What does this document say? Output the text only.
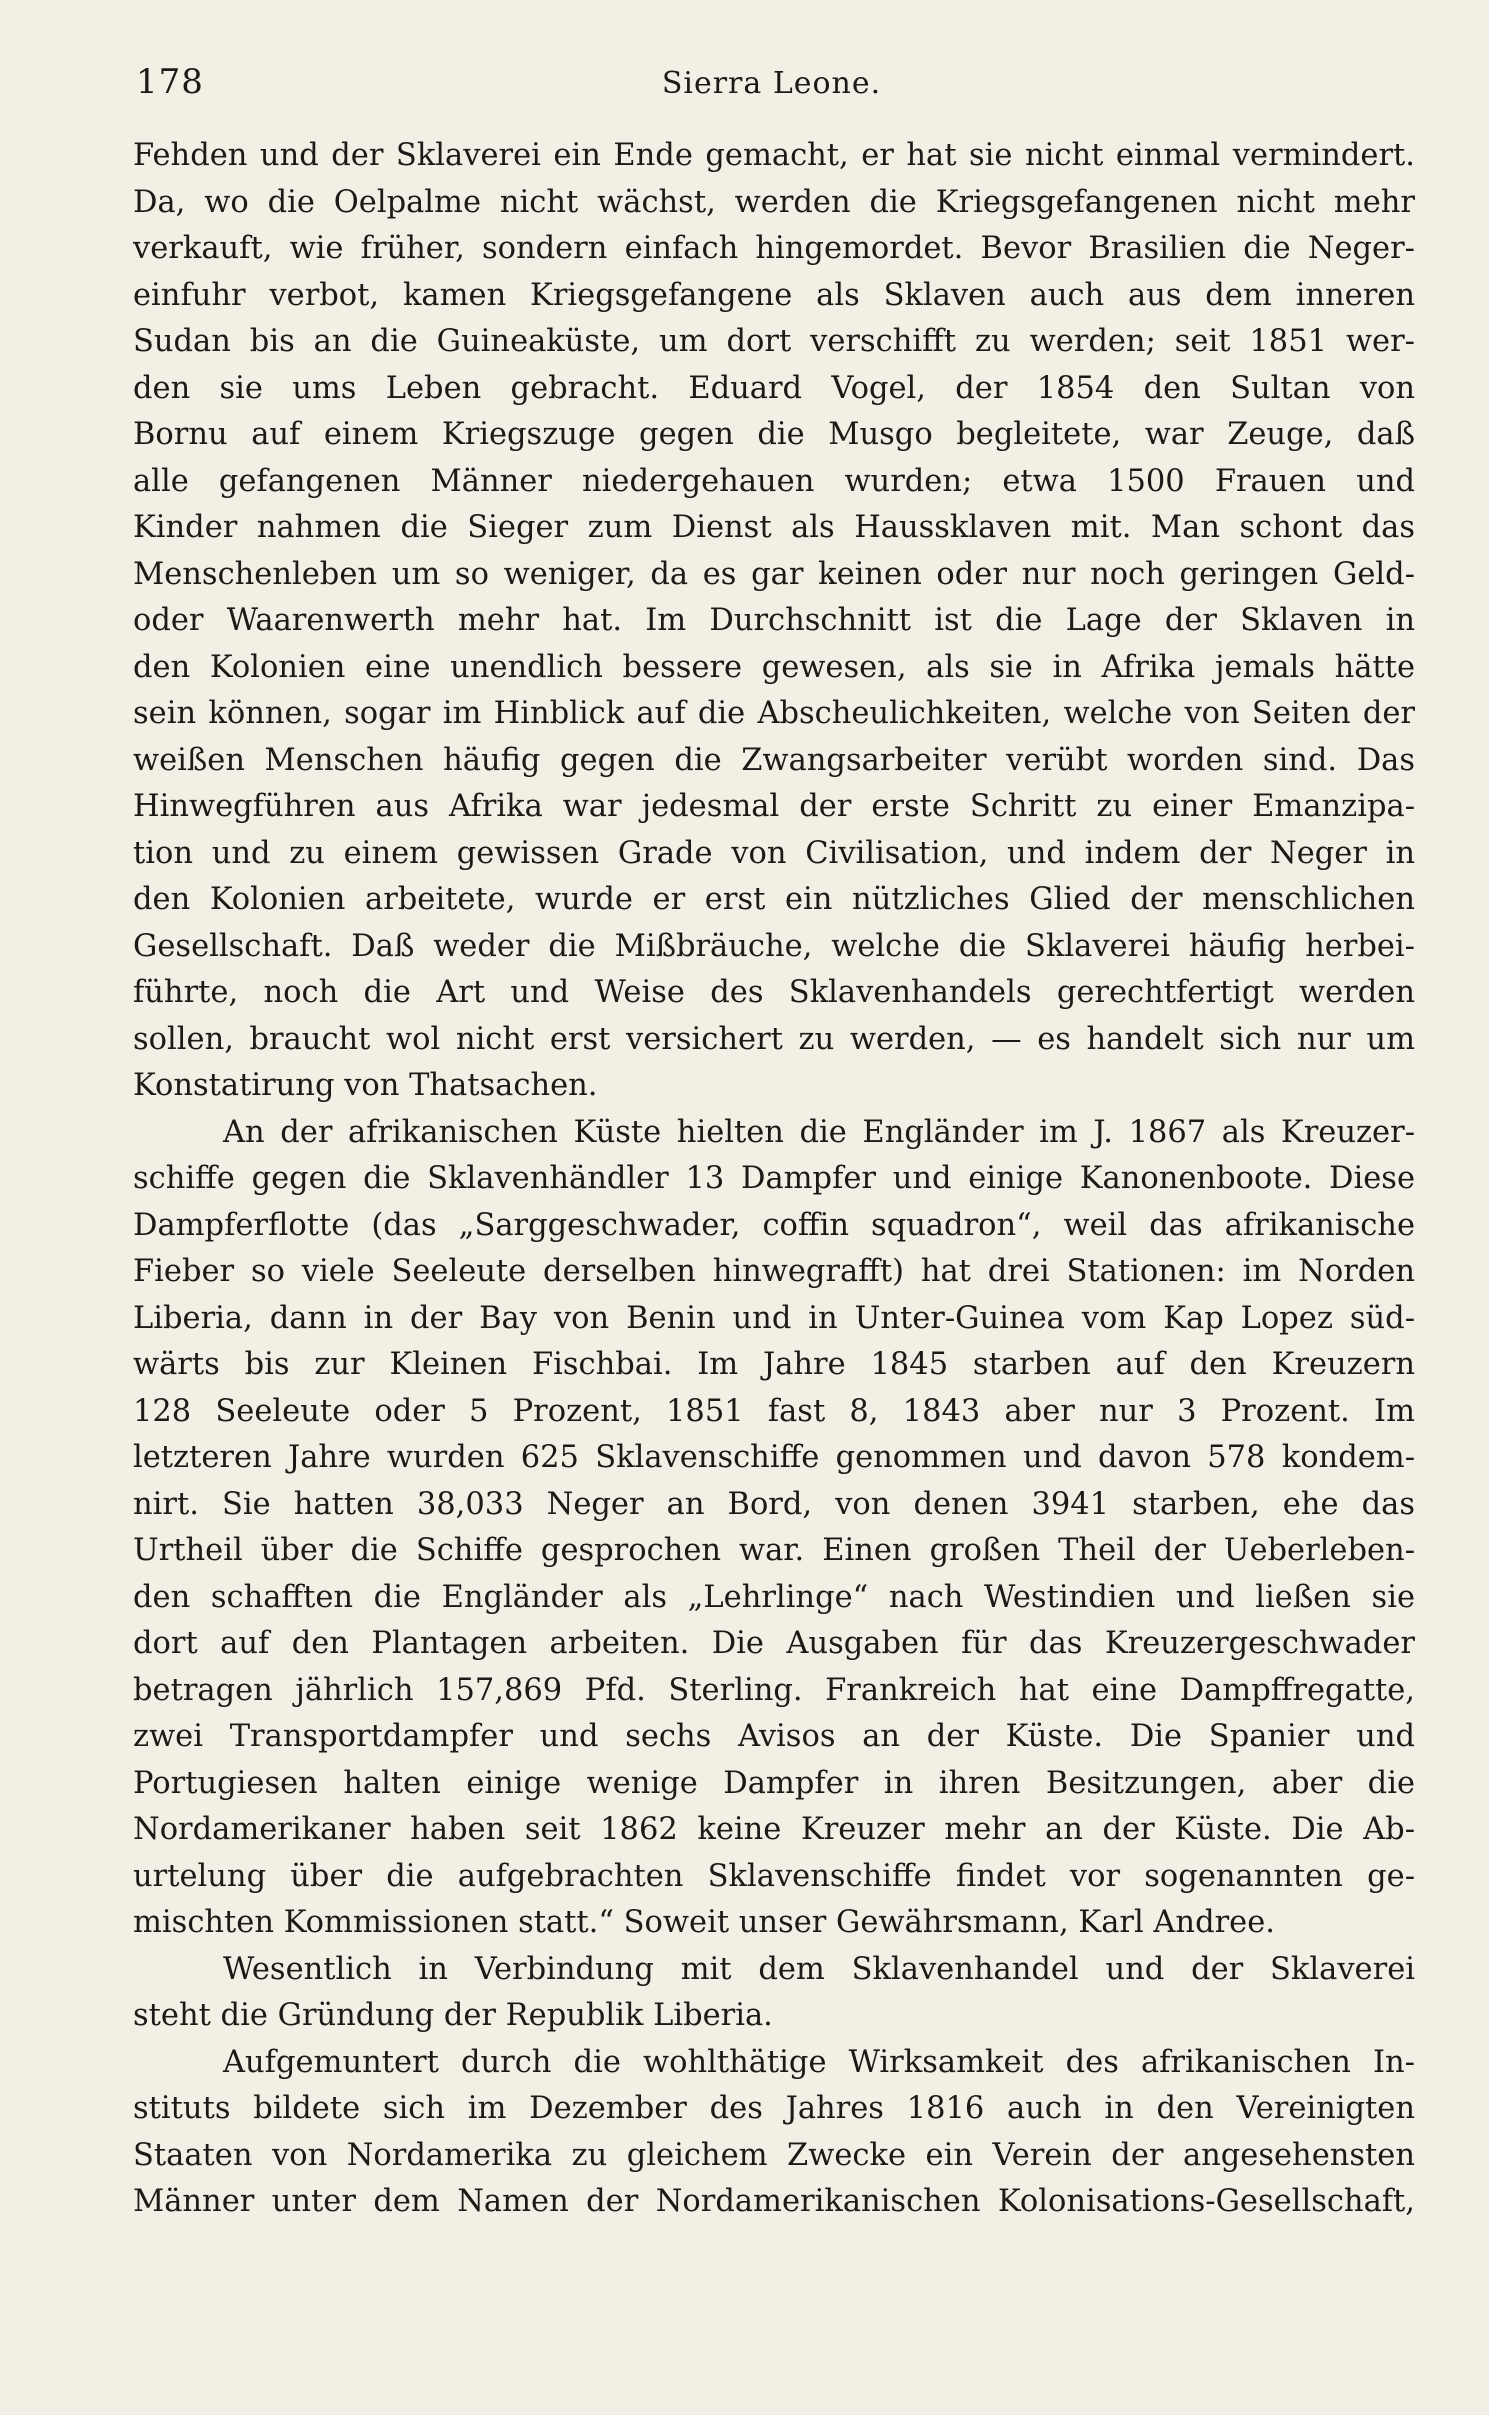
178	Sierra Leone.
Fehden und der Sklaverei ein Ende gemacht, er hat sie nicht einmal vermindert.
Da, wo die Oelpalme nicht wächst, werden die Kriegsgefangenen nicht mehr
verkauft, wie früher, sondern einfach hingemordet. Bevor Brasilien die Neger-
einfuhr verbot, kamen Kriegsgefangene als Sklaven auch aus dem inneren
Sudan bis an die Guineaküste, um dort verschifft zu werden; seit 1851 wer-
den sie ums Leben gebracht. Eduard Vogel, der 1854 den Sultan von
Bornu auf einem Kriegszuge gegen die Musgo begleitete, war Zeuge, daß
alle gefangenen Männer niedergehauen wurden; etwa 1500 Frauen und
Kinder nahmen die Sieger zum Dienst als Haussklaven mit. Man schont das
Menschenleben um so weniger, da es gar keinen oder nur noch geringen Geld-
oder Waarenwerth mehr hat. Im Durchschnitt ist die Lage der Sklaven in
den Kolonien eine unendlich bessere gewesen, als sie in Afrika jemals hätte
sein können, sogar im Hinblick auf die Abscheulichkeiten, welche von Seiten der
weißen Menschen häufig gegen die Zwangsarbeiter verübt worden sind. Das
Hinwegführen aus Afrika war jedesmal der erste Schritt zu einer Emanzipa-
tion und zu einem gewissen Grade von Civilisation, und indem der Neger in
den Kolonien arbeitete, wurde er erst ein nützliches Glied der menschlichen
Gesellschaft. Daß weder die Mißbräuche, welche die Sklaverei häufig herbei-
führte, noch die Art und Weise des Sklavenhandels gerechtfertigt werden
sollen, braucht wol nicht erst versichert zu werden, — es handelt sich nur um
Konstatirung von Thatsachen.
An der afrikanischen Küste hielten die Engländer im J. 1867 als Kreuzer-
schiffe gegen die Sklavenhändler 13 Dampfer und einige Kanonenboote. Diese
Dampferflotte (das „Sarggeschwader, coffin squadron“, weil das afrikanische
Fieber so viele Seeleute derselben hinwegrafft) hat drei Stationen: im Norden
Liberia, dann in der Bay von Benin und in Unter-Guinea vom Kap Lopez süd-
wärts bis zur Kleinen Fischbai. Im Jahre 1845 starben auf den Kreuzern
128 Seeleute oder 5 Prozent, 1851 fast 8, 1843 aber nur 3 Prozent. Im
letzteren Jahre wurden 625 Sklavenschiffe genommen und davon 578 kondem-
nirt. Sie hatten 38,033 Neger an Bord, von denen 3941 starben, ehe das
Urtheil über die Schiffe gesprochen war. Einen großen Theil der Ueberleben-
den schafften die Engländer als „Lehrlinge“ nach Westindien und ließen sie
dort auf den Plantagen arbeiten. Die Ausgaben für das Kreuzergeschwader
betragen jährlich 157,869 Pfd. Sterling. Frankreich hat eine Dampffregatte,
zwei Transportdampfer und sechs Avisos an der Küste. Die Spanier und
Portugiesen halten einige wenige Dampfer in ihren Besitzungen, aber die
Nordamerikaner haben seit 1862 keine Kreuzer mehr an der Küste. Die Ab-
urtelung über die aufgebrachten Sklavenschiffe findet vor sogenannten ge-
mischten Kommissionen statt.“ Soweit unser Gewährsmann, Karl Andree.
Wesentlich in Verbindung mit dem Sklavenhandel und der Sklaverei
steht die Gründung der Republik Liberia.
Aufgemuntert durch die wohlthätige Wirksamkeit des afrikanischen In-
stituts bildete sich im Dezember des Jahres 1816 auch in den Vereinigten
Staaten von Nordamerika zu gleichem Zwecke ein Verein der angesehensten
Männer unter dem Namen der Nordamerikanischen Kolonisations-Gesellschaft,
